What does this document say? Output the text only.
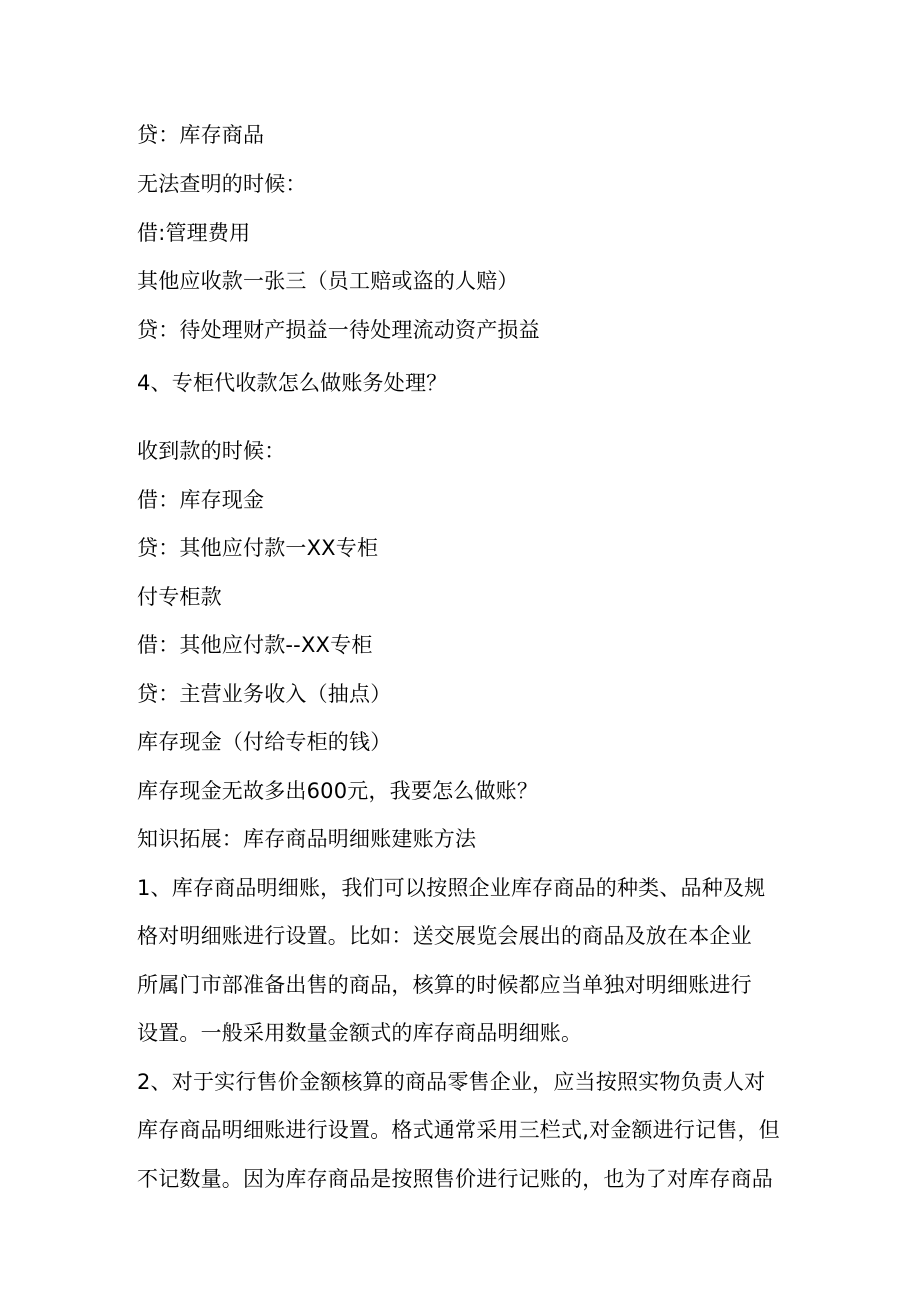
贷：库存商品

无法查明的时候：

借:管理费用

其他应收款一张三（员工赔或盗的人赔）

贷：待处理财产损益一待处理流动资产损益

4、专柜代收款怎么做账务处理？

收到款的时候：

借：库存现金

贷：其他应付款一XX专柜

付专柜款

借：其他应付款--XX专柜

贷：主营业务收入（抽点）

库存现金（付给专柜的钱）

库存现金无故多出600元，我要怎么做账？

知识拓展：库存商品明细账建账方法

1、库存商品明细账，我们可以按照企业库存商品的种类、品种及规

格对明细账进行设置。比如：送交展览会展出的商品及放在本企业

所属门市部准备出售的商品，核算的时候都应当单独对明细账进行

设置。一般采用数量金额式的库存商品明细账。

2、对于实行售价金额核算的商品零售企业，应当按照实物负责人对

库存商品明细账进行设置。格式通常采用三栏式,对金额进行记售，但

不记数量。因为库存商品是按照售价进行记账的，也为了对库存商品
